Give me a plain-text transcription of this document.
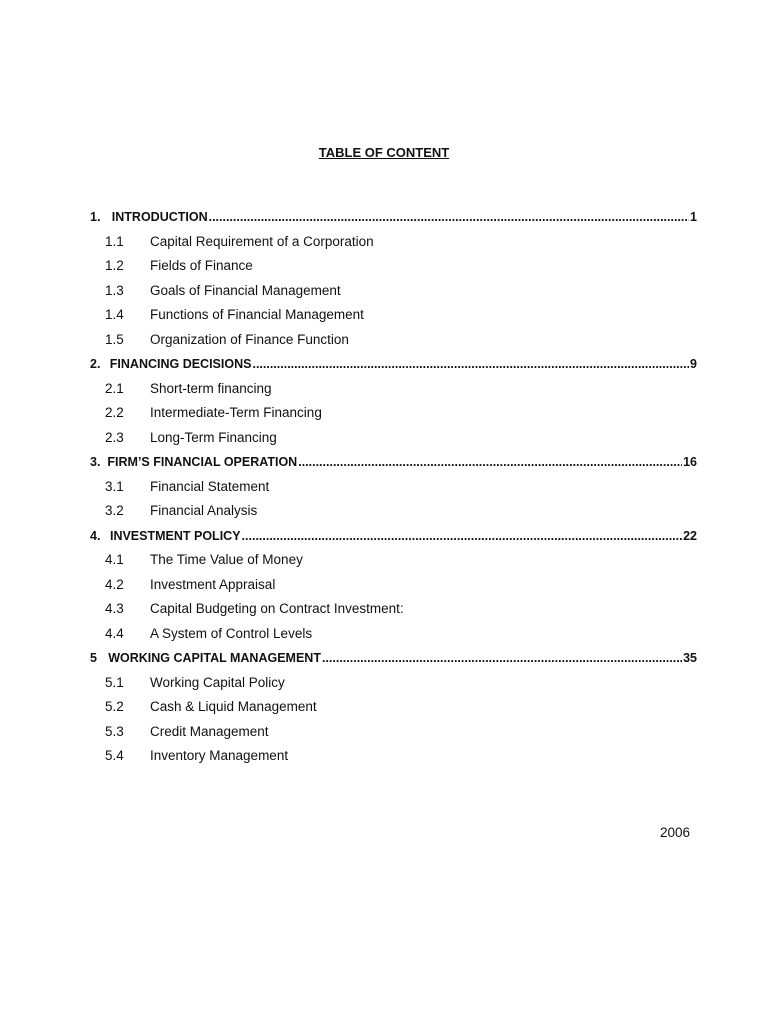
TABLE OF CONTENT
1. INTRODUCTION .....	1
1.1	Capital Requirement of a Corporation
1.2	Fields of Finance
1.3	Goals of Financial Management
1.4	Functions of Financial Management
1.5	Organization of Finance Function
2. FINANCING DECISIONS .....	9
2.1	Short-term financing
2.2	Intermediate-Term Financing
2.3	Long-Term Financing
3. FIRM’S FINANCIAL OPERATION .....	16
3.1	Financial Statement
3.2	Financial Analysis
4. INVESTMENT POLICY .....	22
4.1	The Time Value of Money
4.2	Investment Appraisal
4.3	Capital Budgeting on Contract Investment:
4.4	A System of Control Levels
5 WORKING CAPITAL MANAGEMENT .....	35
5.1	Working Capital Policy
5.2	Cash & Liquid Management
5.3	Credit Management
5.4	Inventory Management
2006
